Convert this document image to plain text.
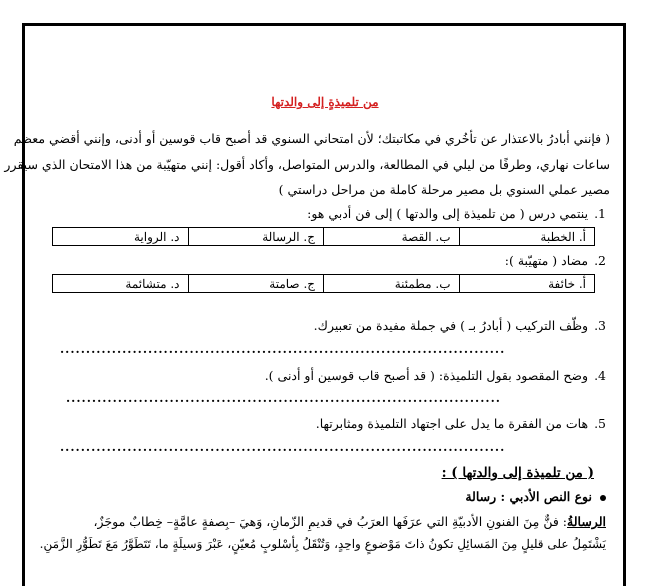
من تلميذةٍ إلى والدتها
( فإنني أبادرُ بالاعتذار عن تأخُري في مكاتبتك؛ لأن امتحاني السنوي قد أصبح قاب قوسين أو أدنى، وإنني أقضي معظم
ساعات نهاري، وطرفًا من ليلي في المطالعة، والدرس المتواصل، وأكاد أقول: إنني متهيّبة من هذا الامتحان الذي سيقرر
مصير عملي السنوي بل مصير مرحلة كاملة من مراحل دراستي )
1.ينتمي درس ( من تلميذة إلى والدتها ) إلى فن أدبي هو:
أ. الخطبة	ب. القصة	ج. الرسالة	د. الرواية
2.مضاد ( متهيّبة ):
أ. خائفة	ب. مطمئنة	ج. صامتة	د. متشائمة
3.وظّف التركيب ( أبادرُ بـ ) في جملة مفيدة من تعبيرك.
......................................................................................
4.وضح المقصود بقول التلميذة: ( قد أصبح قاب قوسين أو أدنى ).
....................................................................................
5.هات من الفقرة ما يدل على اجتهاد التلميذة ومثابرتها.
......................................................................................
( من تلميذة إلى والدتها ) :
نوع النص الأدبي : رسالة
الرسالةُ: فنٌّ مِنَ الفنونِ الأدبيّةِ التي عرَفَها العرَبُ في قديمِ الزّمانِ، وَهيَ –بِصفةٍ عامَّةٍ– خِطابٌ موجَزٌ،
يَشْتَمِلُ على قليلٍ مِنَ المَسائِلِ تكونُ ذاتَ مَوْضوعٍ واحِدٍ، وَتُنْقَلُ بِأسْلوبٍ مُعيّنٍ، عَبْرَ وَسيلَةٍ ما، تَتَطَوَّرُ مَعَ تَطَوُّرِ الزَّمَنِ.
